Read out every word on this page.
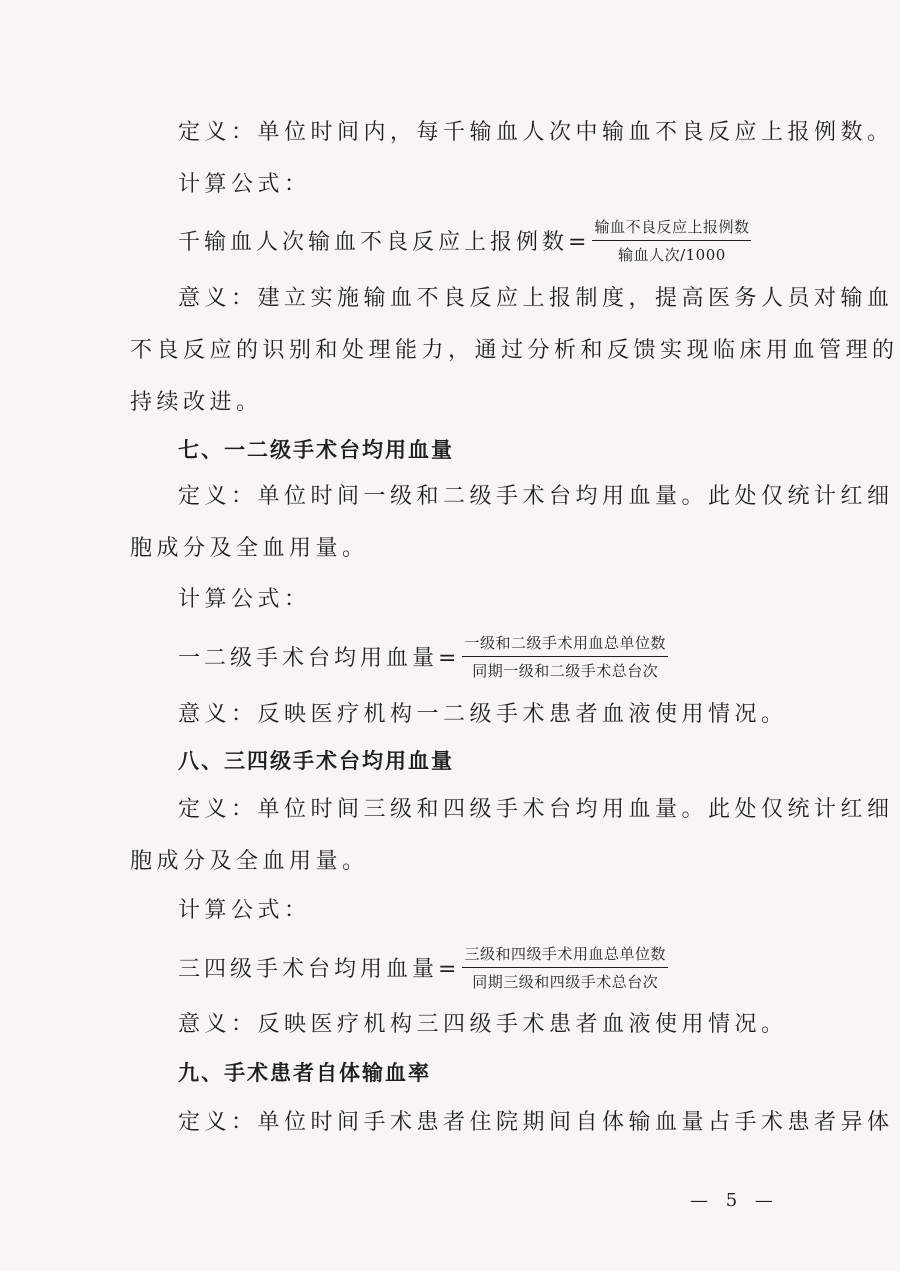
定义：单位时间内，每千输血人次中输血不良反应上报例数。
计算公式：
千输血人次输血不良反应上报例数= $\frac{\text{输血不良反应上报例数}}{\text{输血人次/1000}}$
意义：建立实施输血不良反应上报制度，提高医务人员对输血
不良反应的识别和处理能力，通过分析和反馈实现临床用血管理的
持续改进。
七、一二级手术台均用血量
定义：单位时间一级和二级手术台均用血量。此处仅统计红细
胞成分及全血用量。
计算公式：
一二级手术台均用血量= $\frac{\text{一级和二级手术用血总单位数}}{\text{同期一级和二级手术总台次}}$
意义：反映医疗机构一二级手术患者血液使用情况。
八、三四级手术台均用血量
定义：单位时间三级和四级手术台均用血量。此处仅统计红细
胞成分及全血用量。
计算公式：
三四级手术台均用血量= $\frac{\text{三级和四级手术用血总单位数}}{\text{同期三级和四级手术总台次}}$
意义：反映医疗机构三四级手术患者血液使用情况。
九、手术患者自体输血率
定义：单位时间手术患者住院期间自体输血量占手术患者异体
— 5 —
